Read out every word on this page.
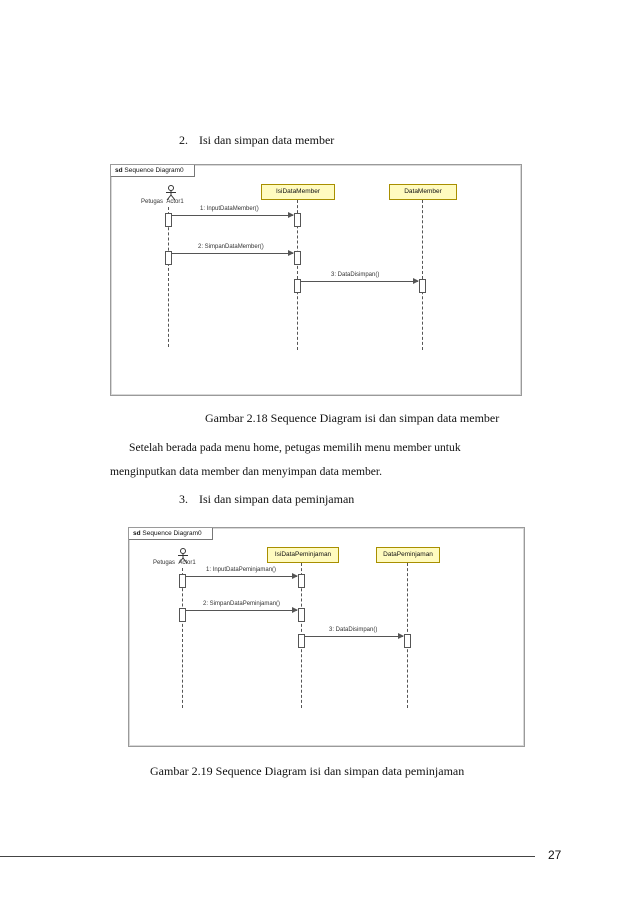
2. Isi dan simpan data member
sd Sequence Diagram0
Petugas Actor1
IsiDataMember	DataMember
1: InputDataMember()
2: SimpanDataMember()
3: DataDisimpan()
Gambar 2.18 Sequence Diagram isi dan simpan data member
Setelah berada pada menu home, petugas memilih menu member untuk
menginputkan data member dan menyimpan data member.
3. Isi dan simpan data peminjaman
sd Sequence Diagram0
Petugas Actor1
IsiDataPeminjaman	DataPeminjaman
1: InputDataPeminjaman()
2: SimpanDataPeminjaman()
3: DataDisimpan()
Gambar 2.19 Sequence Diagram isi dan simpan data peminjaman
27
